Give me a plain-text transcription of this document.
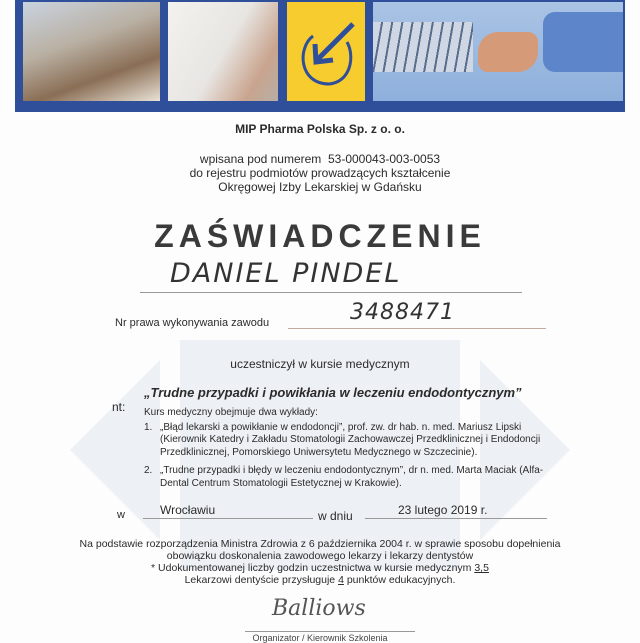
MIP Pharma Polska Sp. z o. o.
wpisana pod numerem 53-000043-003-0053
do rejestru podmiotów prowadzących kształcenie
Okręgowej Izby Lekarskiej w Gdańsku
ZAŚWIADCZENIE
DANIEL PINDEL
Nr prawa wykonywania zawodu	3488471
uczestniczył w kursie medycznym
„Trudne przypadki i powikłania w leczeniu endodontycznym”
nt: Kurs medyczny obejmuje dwa wykłady:
1. „Błąd lekarski a powikłanie w endodoncji”, prof. zw. dr hab. n. med. Mariusz Lipski (Kierownik Katedry i Zakładu Stomatologii Zachowawczej Przedklinicznej i Endodoncji Przedklinicznej, Pomorskiego Uniwersytetu Medycznego w Szczecinie).
2. „Trudne przypadki i błędy w leczeniu endodontycznym”, dr n. med. Marta Maciak (Alfa-Dental Centrum Stomatologii Estetycznej w Krakowie).
w	Wrocławiu	w dniu	23 lutego 2019 r.
Na podstawie rozporządzenia Ministra Zdrowia z 6 października 2004 r. w sprawie sposobu dopełnienia
obowiązku doskonalenia zawodowego lekarzy i lekarzy dentystów
* Udokumentowanej liczby godzin uczestnictwa w kursie medycznym 3,5
Lekarzowi dentyście przysługuje 4 punktów edukacyjnych.
Balliows
Organizator / Kierownik Szkolenia
